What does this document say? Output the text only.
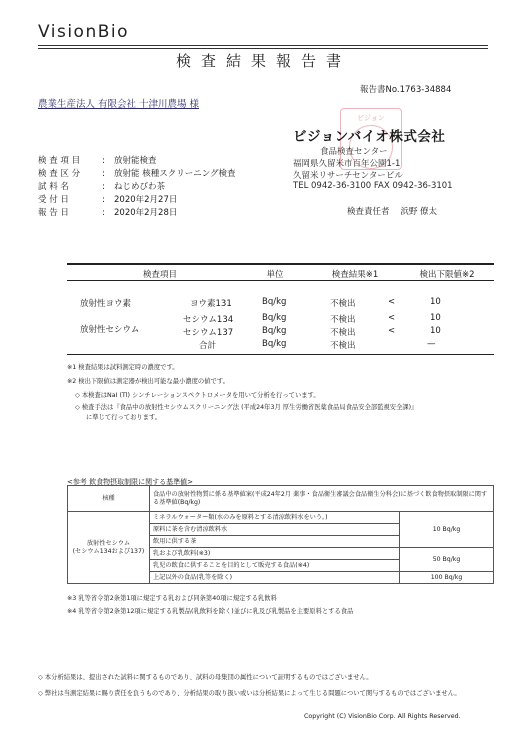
VisionBio
検査結果報告書
報告書No.1763-34884
農業生産法人 有限会社 十津川農場 様
ビジョン
ビジョンバイオ株式会社
食品検査センター
福岡県久留米市百年公園1-1
久留米リサーチセンタービル
TEL 0942-36-3100 FAX 0942-36-3101
検査責任者 浜野 僚太
検 査 項 目	: 放射能検査
検 査 区 分	: 放射能 核種スクリーニング検査
試 料 名	: ねじめびわ茶
受 付 日	: 2020年2月27日
報 告 日	: 2020年2月28日
検査項目	単位	検査結果※1	検出下限値※2
放射性ヨウ素	ヨウ素131	Bq/kg	不検出	<	10
放射性セシウム
セシウム134	Bq/kg	不検出	<	10
セシウム137	Bq/kg	不検出	<	10
合計	Bq/kg	不検出	—
※1 検査結果は試料測定時の濃度です。
※2 検出下限値は測定器が検出可能な最小濃度の値です。
◇ 本検査はNaI (Tl) シンチレーションスペクトロメータを用いて分析を行っています。
◇ 検査手法は『食品中の放射性セシウムスクリーニング法 (平成24年3月 厚生労働省医薬食品局食品安全部監視安全課)』
に準じて行っております。
<参考 飲食物摂取制限に関する基準値>
核種	食品中の放射性物質に係る基準値案(平成24年2月 薬事・食品衛生審議会食品衛生分科会)に基づく飲食物摂取制限に関する基準値(Bq/kg)	

放射性セシウム
(セシウム134および137)	ミネラルウォーター類(水のみを原料とする清涼飲料水をいう。)	10 Bq/kg
	原料に茶を含む清涼飲料水	
	飲用に供する茶	
	乳および乳飲料(※3)	50 Bq/kg
	乳児の飲食に供することを目的として販売する食品(※4)	
	上記以外の食品(乳等を除く)	100 Bq/kg
※3 乳等省令第2条第1項に規定する乳および同条第40項に規定する乳飲料
※4 乳等省令第2条第12項に規定する乳製品(乳飲料を除く)並びに乳及び乳製品を主要原料とする食品
◇ 本分析結果は、提出された試料に関するものであり、試料の母集団の属性について証明するものではございません。
◇ 弊社は当測定結果に賜り責任を負うものであり、分析結果の取り扱い或いは分析結果によって生じる問題について関与するものではございません。
Copyright (C) VisionBio Corp. All Rights Reserved.
